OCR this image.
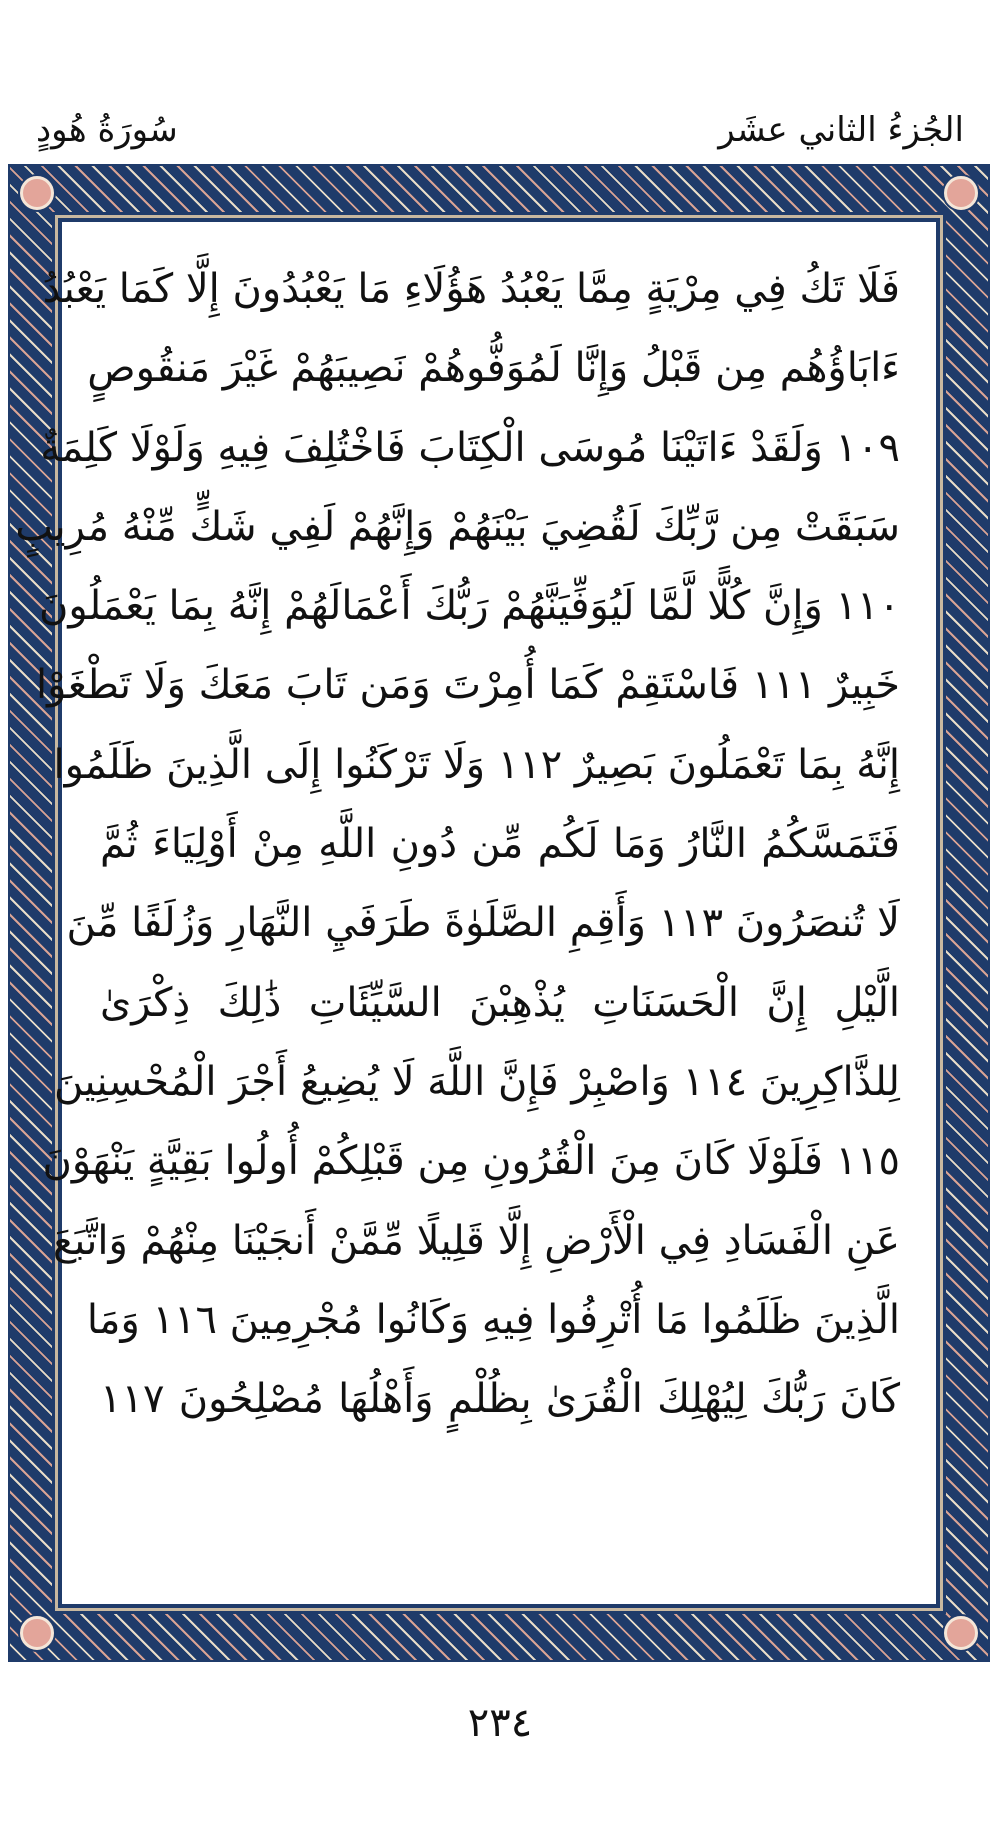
سُورَةُ هُودٍ	الجُزءُ الثاني عشَر
فَلَا تَكُ فِي مِرْيَةٍ مِمَّا يَعْبُدُ هَؤُلَاءِ مَا يَعْبُدُونَ إِلَّا كَمَا يَعْبُدُ
ءَابَاؤُهُم مِن قَبْلُ وَإِنَّا لَمُوَفُّوهُمْ نَصِيبَهُمْ غَيْرَ مَنقُوصٍ
١٠٩ وَلَقَدْ ءَاتَيْنَا مُوسَى الْكِتَابَ فَاخْتُلِفَ فِيهِ وَلَوْلَا كَلِمَةٌ
سَبَقَتْ مِن رَّبِّكَ لَقُضِيَ بَيْنَهُمْ وَإِنَّهُمْ لَفِي شَكٍّ مِّنْهُ مُرِيبٍ
١١٠ وَإِنَّ كُلًّا لَّمَّا لَيُوَفِّيَنَّهُمْ رَبُّكَ أَعْمَالَهُمْ إِنَّهُ بِمَا يَعْمَلُونَ
خَبِيرٌ ١١١ فَاسْتَقِمْ كَمَا أُمِرْتَ وَمَن تَابَ مَعَكَ وَلَا تَطْغَوْا
إِنَّهُ بِمَا تَعْمَلُونَ بَصِيرٌ ١١٢ وَلَا تَرْكَنُوا إِلَى الَّذِينَ ظَلَمُوا
فَتَمَسَّكُمُ النَّارُ وَمَا لَكُم مِّن دُونِ اللَّهِ مِنْ أَوْلِيَاءَ ثُمَّ
لَا تُنصَرُونَ ١١٣ وَأَقِمِ الصَّلَوٰةَ طَرَفَيِ النَّهَارِ وَزُلَفًا مِّنَ
الَّيْلِ إِنَّ الْحَسَنَاتِ يُذْهِبْنَ السَّيِّئَاتِ ذَٰلِكَ ذِكْرَىٰ
لِلذَّاكِرِينَ ١١٤ وَاصْبِرْ فَإِنَّ اللَّهَ لَا يُضِيعُ أَجْرَ الْمُحْسِنِينَ
١١٥ فَلَوْلَا كَانَ مِنَ الْقُرُونِ مِن قَبْلِكُمْ أُولُوا بَقِيَّةٍ يَنْهَوْنَ
عَنِ الْفَسَادِ فِي الْأَرْضِ إِلَّا قَلِيلًا مِّمَّنْ أَنجَيْنَا مِنْهُمْ وَاتَّبَعَ
الَّذِينَ ظَلَمُوا مَا أُتْرِفُوا فِيهِ وَكَانُوا مُجْرِمِينَ ١١٦ وَمَا
كَانَ رَبُّكَ لِيُهْلِكَ الْقُرَىٰ بِظُلْمٍ وَأَهْلُهَا مُصْلِحُونَ ١١٧
٢٣٤
